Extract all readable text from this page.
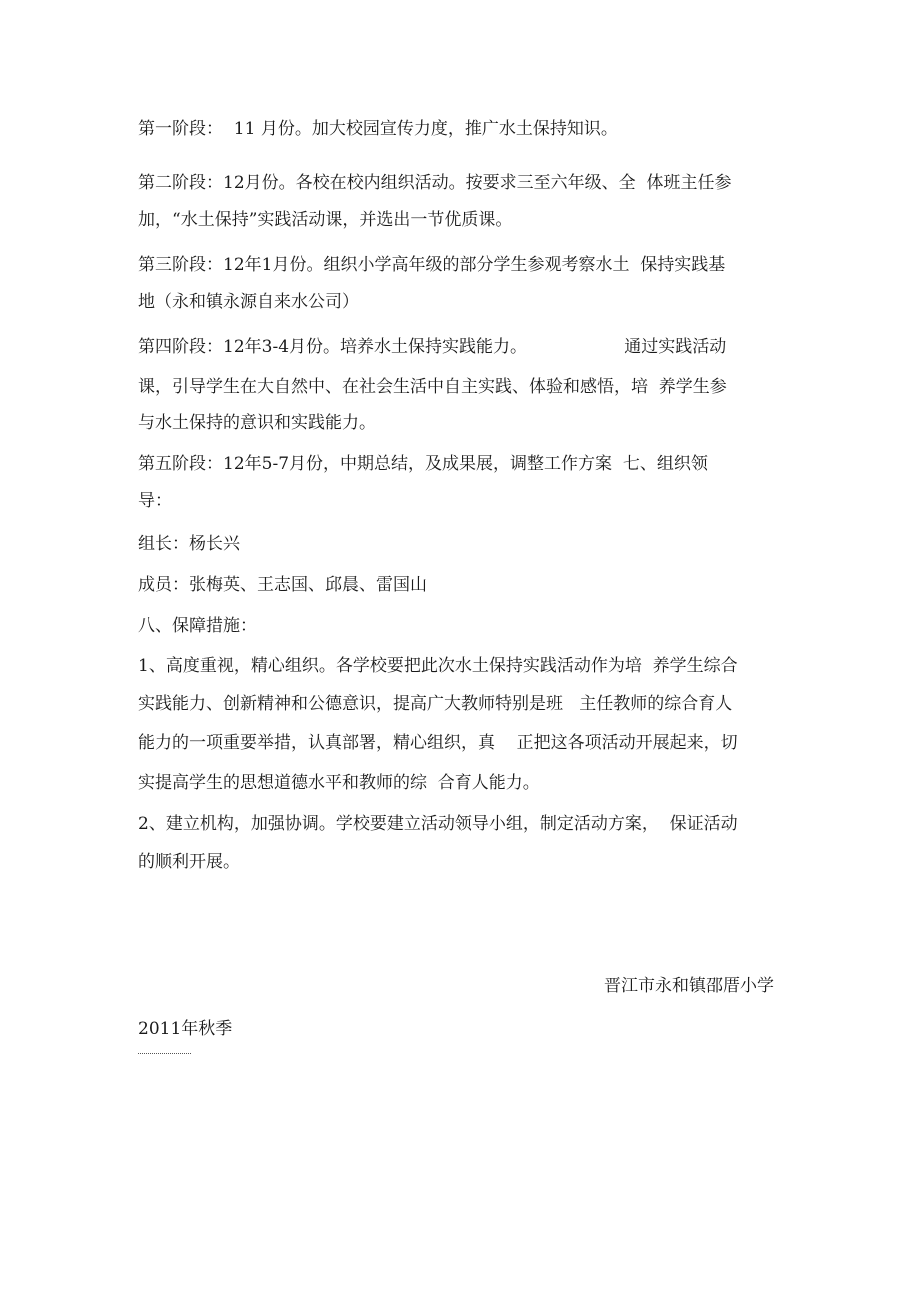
第一阶段：  11 月份。加大校园宣传力度，推广水土保持知识。

第二阶段：12月份。各校在校内组织活动。按要求三至六年级、全  体班主任参

加，“水土保持”实践活动课，并选出一节优质课。

第三阶段：12年1月份。组织小学高年级的部分学生参观考察水土  保持实践基

地（永和镇永源自来水公司）

第四阶段：12年3-4月份。培养水土保持实践能力。                  通过实践活动

课，引导学生在大自然中、在社会生活中自主实践、体验和感悟，培  养学生参

与水土保持的意识和实践能力。

第五阶段：12年5-7月份，中期总结，及成果展，调整工作方案  七、组织领

导：

组长：杨长兴

成员：张梅英、王志国、邱晨、雷国山

八、保障措施：

1、高度重视，精心组织。各学校要把此次水土保持实践活动作为培  养学生综合

实践能力、创新精神和公德意识，提高广大教师特别是班   主任教师的综合育人

能力的一项重要举措，认真部署，精心组织，真    正把这各项活动开展起来，切

实提高学生的思想道德水平和教师的综  合育人能力。

2、建立机构，加强协调。学校要建立活动领导小组，制定活动方案，  保证活动

的顺利开展。

晋江市永和镇邵厝小学

2011年秋季
